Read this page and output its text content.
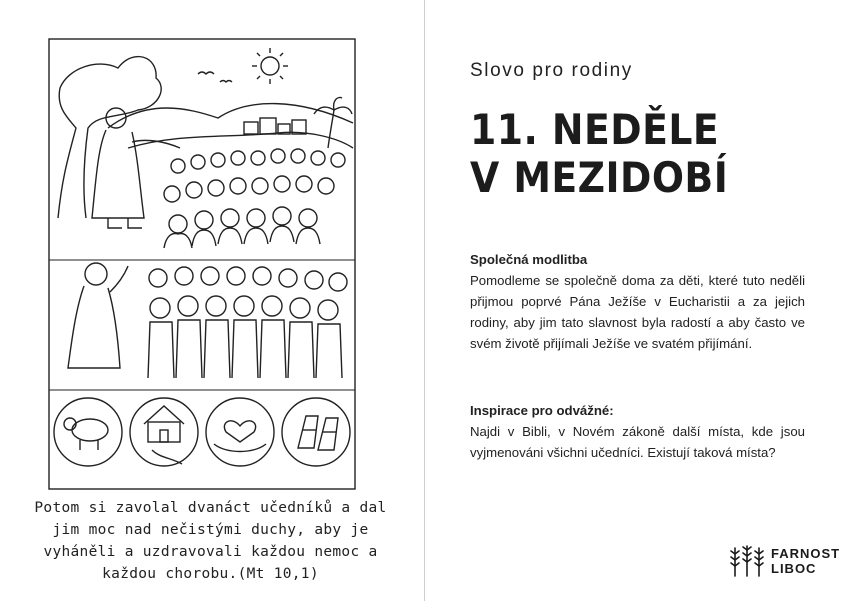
Potom si zavolal dvanáct učedníků a dal
jim moc nad nečistými duchy, aby je
vyháněli a uzdravovali každou nemoc a
každou chorobu.(Mt 10,1)
Slovo pro rodiny
11. NEDĚLE
V MEZIDOBÍ
Společná modlitba

Pomodleme se společně doma za děti, které tuto neděli přijmou poprvé Pána Ježíše v Eucharistii a za jejich rodiny, aby jim tato slavnost byla radostí a aby často ve svém životě přijímali Ježíše ve svatém přijímání.

Inspirace pro odvážné:

Najdi v Bibli, v Novém zákoně další místa, kde jsou vyjmenováni všichni učedníci. Existují taková místa?

FARNOST
LIBOC
